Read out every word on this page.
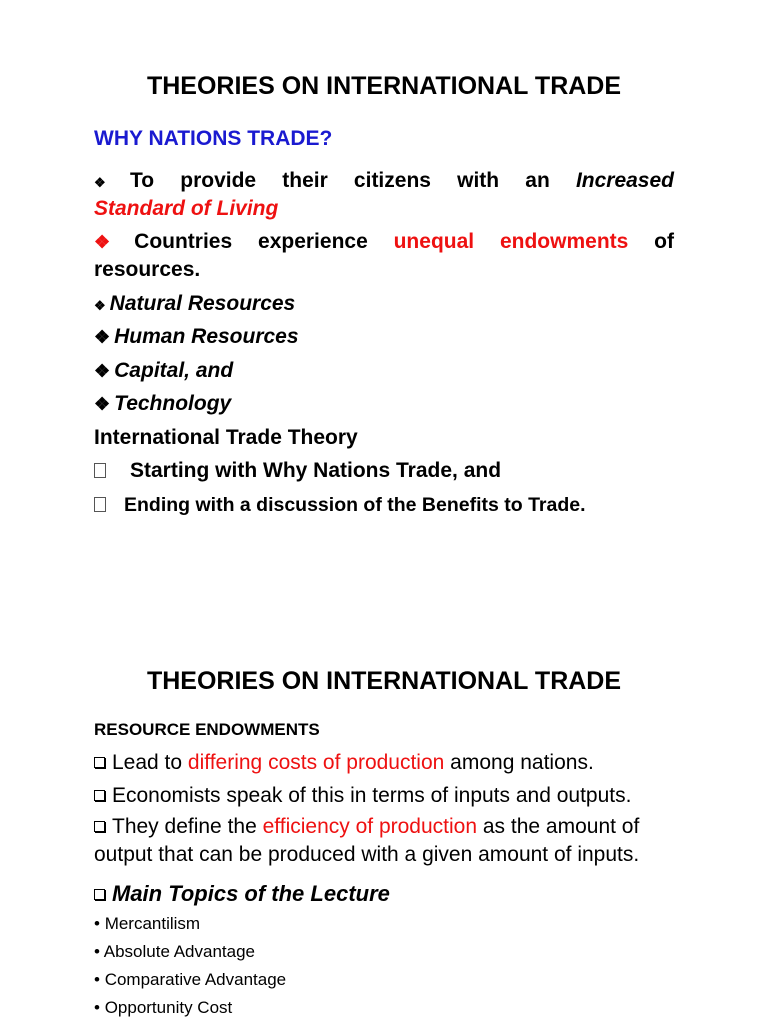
THEORIES ON INTERNATIONAL TRADE
WHY NATIONS TRADE?
❖ To provide their citizens with an Increased
Standard of Living
❖ Countries experience unequal endowments of
resources.
❖ Natural Resources
❖ Human Resources
❖ Capital, and
❖ Technology
International Trade Theory
Starting with Why Nations Trade, and
Ending with a discussion of the Benefits to Trade.
THEORIES ON INTERNATIONAL TRADE
RESOURCE ENDOWMENTS
Lead to differing costs of production among nations.
Economists speak of this in terms of inputs and outputs.
They define the efficiency of production as the amount of
output that can be produced with a given amount of inputs.
Main Topics of the Lecture
• Mercantilism
• Absolute Advantage
• Comparative Advantage
• Opportunity Cost
